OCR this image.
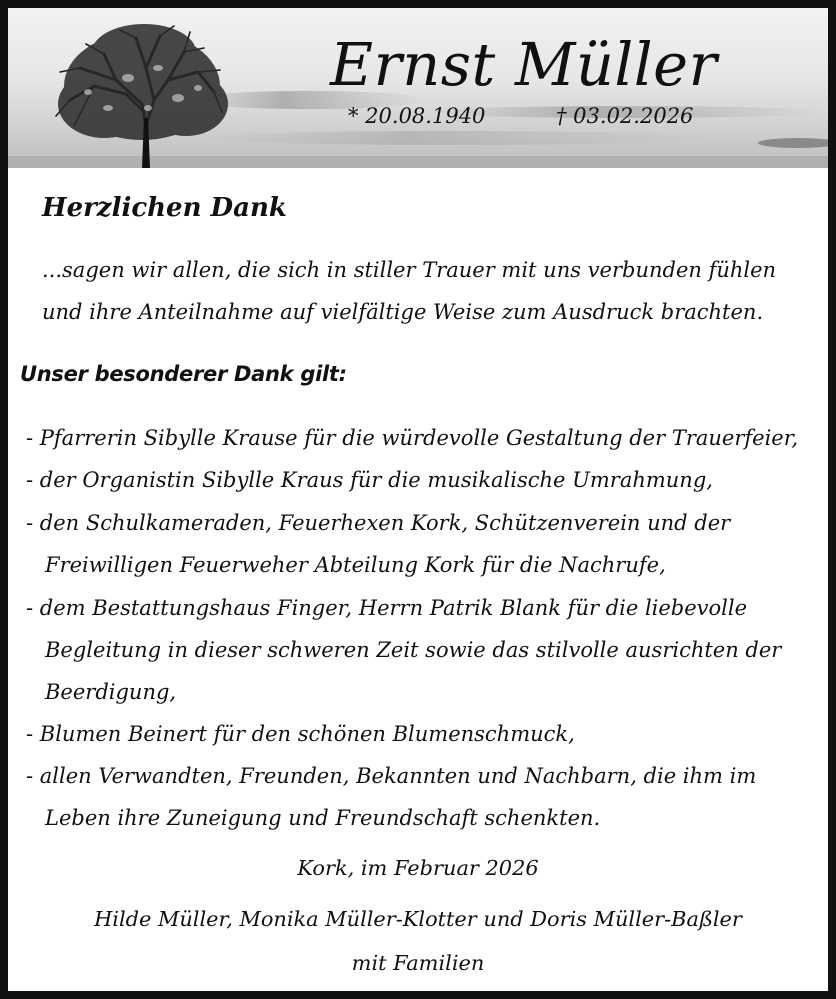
Ernst Müller
* 20.08.1940	† 03.02.2026
Herzlichen Dank
...sagen wir allen, die sich in stiller Trauer mit uns verbunden fühlen
und ihre Anteilnahme auf vielfältige Weise zum Ausdruck brachten.
Unser besonderer Dank gilt:
- Pfarrerin Sibylle Krause für die würdevolle Gestaltung der Trauerfeier,
- der Organistin Sibylle Kraus für die musikalische Umrahmung,
- den Schulkameraden, Feuerhexen Kork, Schützenverein und der
Freiwilligen Feuerweher Abteilung Kork für die Nachrufe,
- dem Bestattungshaus Finger, Herrn Patrik Blank für die liebevolle
Begleitung in dieser schweren Zeit sowie das stilvolle ausrichten der
Beerdigung,
- Blumen Beinert für den schönen Blumenschmuck,
- allen Verwandten, Freunden, Bekannten und Nachbarn, die ihm im
Leben ihre Zuneigung und Freundschaft schenkten.
Kork, im Februar 2026
Hilde Müller, Monika Müller-Klotter und Doris Müller-Baßler
mit Familien
